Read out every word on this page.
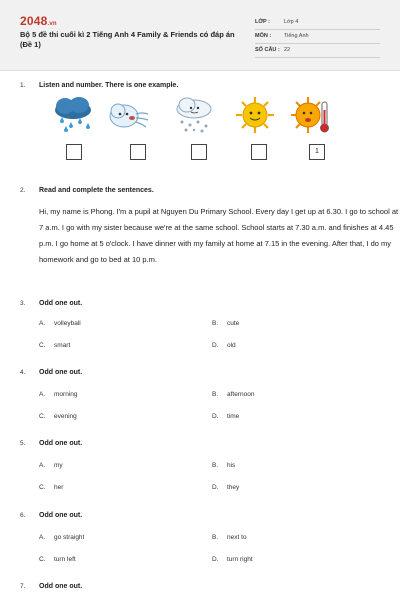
2048.vn
Bộ 5 đề thi cuối kì 2 Tiếng Anh 4 Family & Friends có đáp án (Đề 1)
LỚP :	Lớp 4
MÔN : Tiếng Anh
SỐ CÂU : 22
1. Listen and number. There is one example.
1
2. Read and complete the sentences.
Hi, my name is Phong. I'm a pupil at Nguyen Du Primary School. Every day I get up at 6.30. I go to school at 7 a.m. I go with my sister because we're at the same school. School starts at 7.30 a.m. and finishes at 4.45 p.m. I go home at 5 o'clock. I have dinner with my family at home at 7.15 in the evening. After that, I do my homework and go to bed at 10 p.m.
3. Odd one out.
A. volleyball	B. cute
C. smart	D. old
4. Odd one out.
A. morning	B. afternoon
C. evening	D. time
5. Odd one out.
A. my	B. his
C. her	D. they
6. Odd one out.
A. go straight	B. next to
C. turn left	D. turn right
7. Odd one out.
